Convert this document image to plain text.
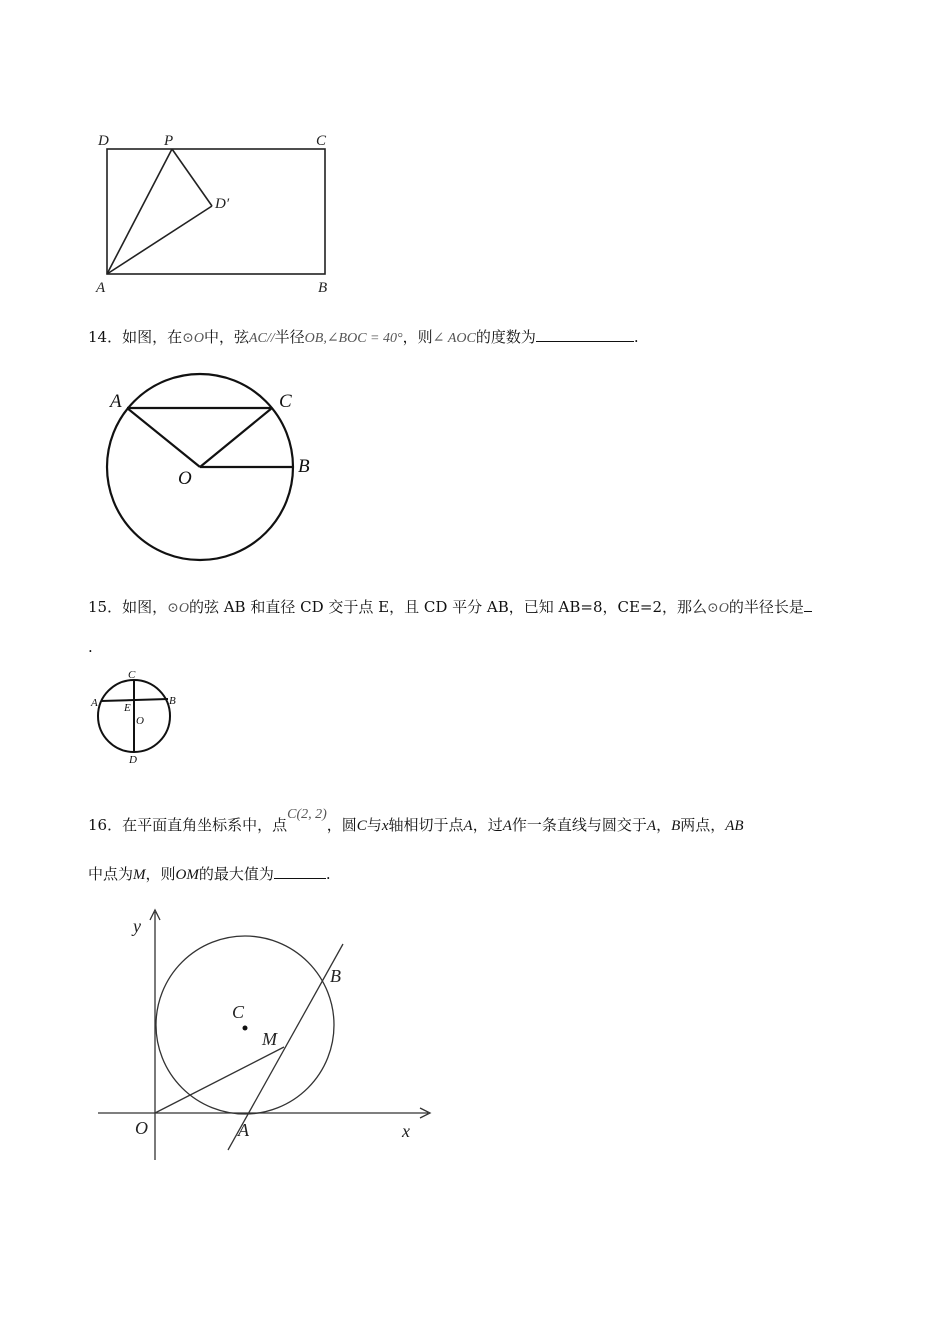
D	P	C
D′
A	B
A	C
O
B
C
A E
O
B
D
y
x
O	A
B
C
M
14．如图，在⊙O中，弦AC//半径OB,∠BOC = 40°，则∠ AOC的度数为	.
15．如图，⊙O的弦 AB 和直径 CD 交于点 E，且 CD 平分 AB，已知 AB=8，CE=2，那么⊙O的半径长是
.
16．在平面直角坐标系中，点C(2, 2)，圆C与x轴相切于点A，过A作一条直线与圆交于A，B两点，AB
中点为M，则OM的最大值为	.
